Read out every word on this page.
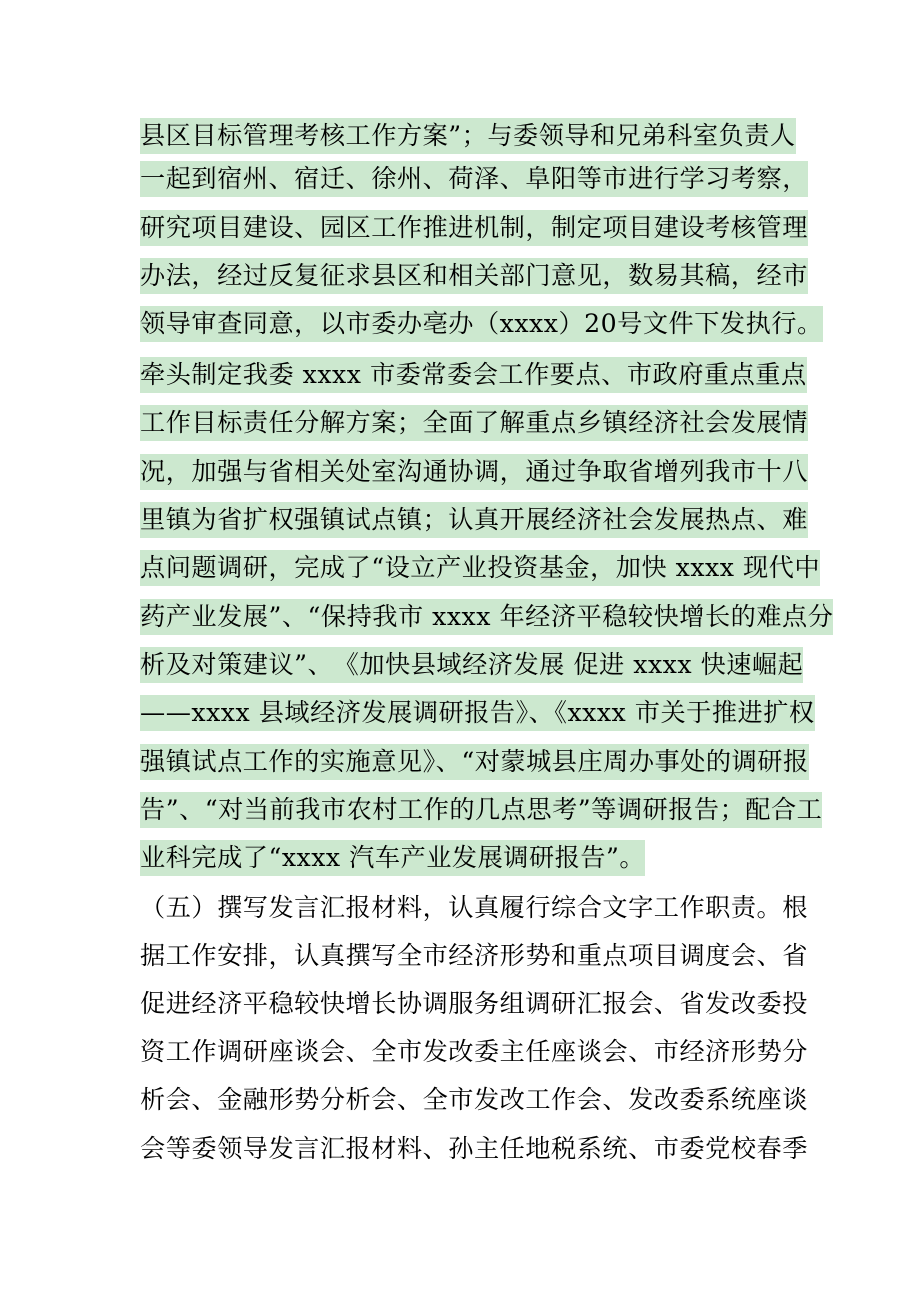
县区目标管理考核工作方案”；与委领导和兄弟科室负责人
一起到宿州、宿迁、徐州、荷泽、阜阳等市进行学习考察，
研究项目建设、园区工作推进机制，制定项目建设考核管理
办法，经过反复征求县区和相关部门意见，数易其稿，经市
领导审查同意，以市委办亳办（xxxx）20号文件下发执行。
牵头制定我委 xxxx 市委常委会工作要点、市政府重点重点
工作目标责任分解方案；全面了解重点乡镇经济社会发展情
况，加强与省相关处室沟通协调，通过争取省增列我市十八
里镇为省扩权强镇试点镇；认真开展经济社会发展热点、难
点问题调研，完成了“设立产业投资基金，加快 xxxx 现代中
药产业发展”、“保持我市 xxxx 年经济平稳较快增长的难点分
析及对策建议”、　《加快县域经济发展 促进 xxxx 快速崛起
——xxxx 县域经济发展调研报告》、《xxxx 市关于推进扩权
强镇试点工作的实施意见》、“对蒙城县庄周办事处的调研报
告”、“对当前我市农村工作的几点思考”等调研报告；配合工
业科完成了“xxxx 汽车产业发展调研报告”。
（五）撰写发言汇报材料，认真履行综合文字工作职责。根
据工作安排，认真撰写全市经济形势和重点项目调度会、省
促进经济平稳较快增长协调服务组调研汇报会、省发改委投
资工作调研座谈会、全市发改委主任座谈会、市经济形势分
析会、金融形势分析会、全市发改工作会、发改委系统座谈
会等委领导发言汇报材料、孙主任地税系统、市委党校春季
